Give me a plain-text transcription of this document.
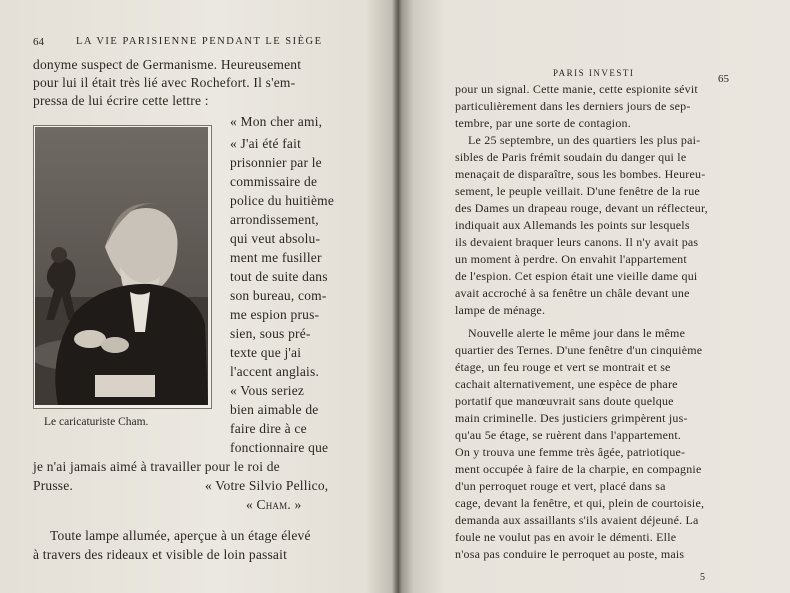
64	LA VIE PARISIENNE PENDANT LE SIÈGE
donyme suspect de Germanisme. Heureusement
pour lui il était très lié avec Rochefort. Il s'em-
pressa de lui écrire cette lettre :
Le caricaturiste Cham.
« Mon cher ami,
« J'ai été fait
prisonnier par le
commissaire de
police du huitième
arrondissement,
qui veut absolu-
ment me fusiller
tout de suite dans
son bureau, com-
me espion prus-
sien, sous pré-
texte que j'ai
l'accent anglais.
« Vous seriez
bien aimable de
faire dire à ce
fonctionnaire que
je n'ai jamais aimé à travailler pour le roi de
Prusse.	« Votre Silvio Pellico,
« Cham. »
Toute lampe allumée, aperçue à un étage élevé
à travers des rideaux et visible de loin passait
PARIS INVESTI	65
pour un signal. Cette manie, cette espionite sévit
particulièrement dans les derniers jours de sep-
tembre, par une sorte de contagion.
Le 25 septembre, un des quartiers les plus pai-
sibles de Paris frémit soudain du danger qui le
menaçait de disparaître, sous les bombes. Heureu-
sement, le peuple veillait. D'une fenêtre de la rue
des Dames un drapeau rouge, devant un réflecteur,
indiquait aux Allemands les points sur lesquels
ils devaient braquer leurs canons. Il n'y avait pas
un moment à perdre. On envahit l'appartement
de l'espion. Cet espion était une vieille dame qui
avait accroché à sa fenêtre un châle devant une
lampe de ménage.
Nouvelle alerte le même jour dans le même
quartier des Ternes. D'une fenêtre d'un cinquième
étage, un feu rouge et vert se montrait et se
cachait alternativement, une espèce de phare
portatif que manœuvrait sans doute quelque
main criminelle. Des justiciers grimpèrent jus-
qu'au 5e étage, se ruèrent dans l'appartement.
On y trouva une femme très âgée, patriotique-
ment occupée à faire de la charpie, en compagnie
d'un perroquet rouge et vert, placé dans sa
cage, devant la fenêtre, et qui, plein de courtoisie,
demanda aux assaillants s'ils avaient déjeuné. La
foule ne voulut pas en avoir le démenti. Elle
n'osa pas conduire le perroquet au poste, mais
5
